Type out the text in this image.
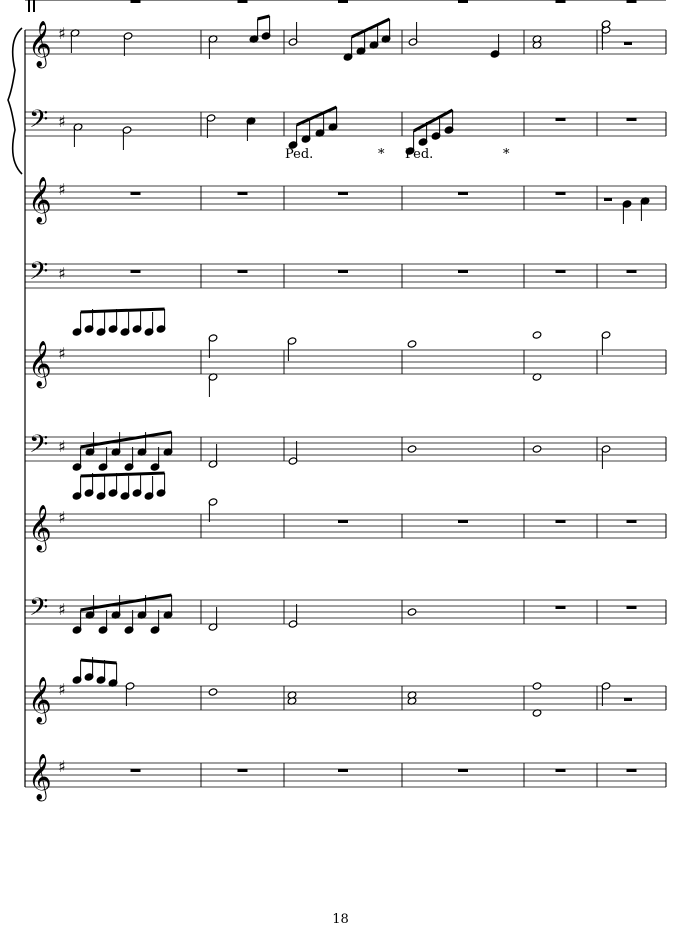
𝄞 ♯
𝄢 ♯
Ped.	* Ped.	*
𝄞 ♯
𝄢 ♯
𝄞 ♯
𝄢 ♯
𝄞 ♯
𝄢 ♯
𝄞 ♯
𝄞 ♯
18
